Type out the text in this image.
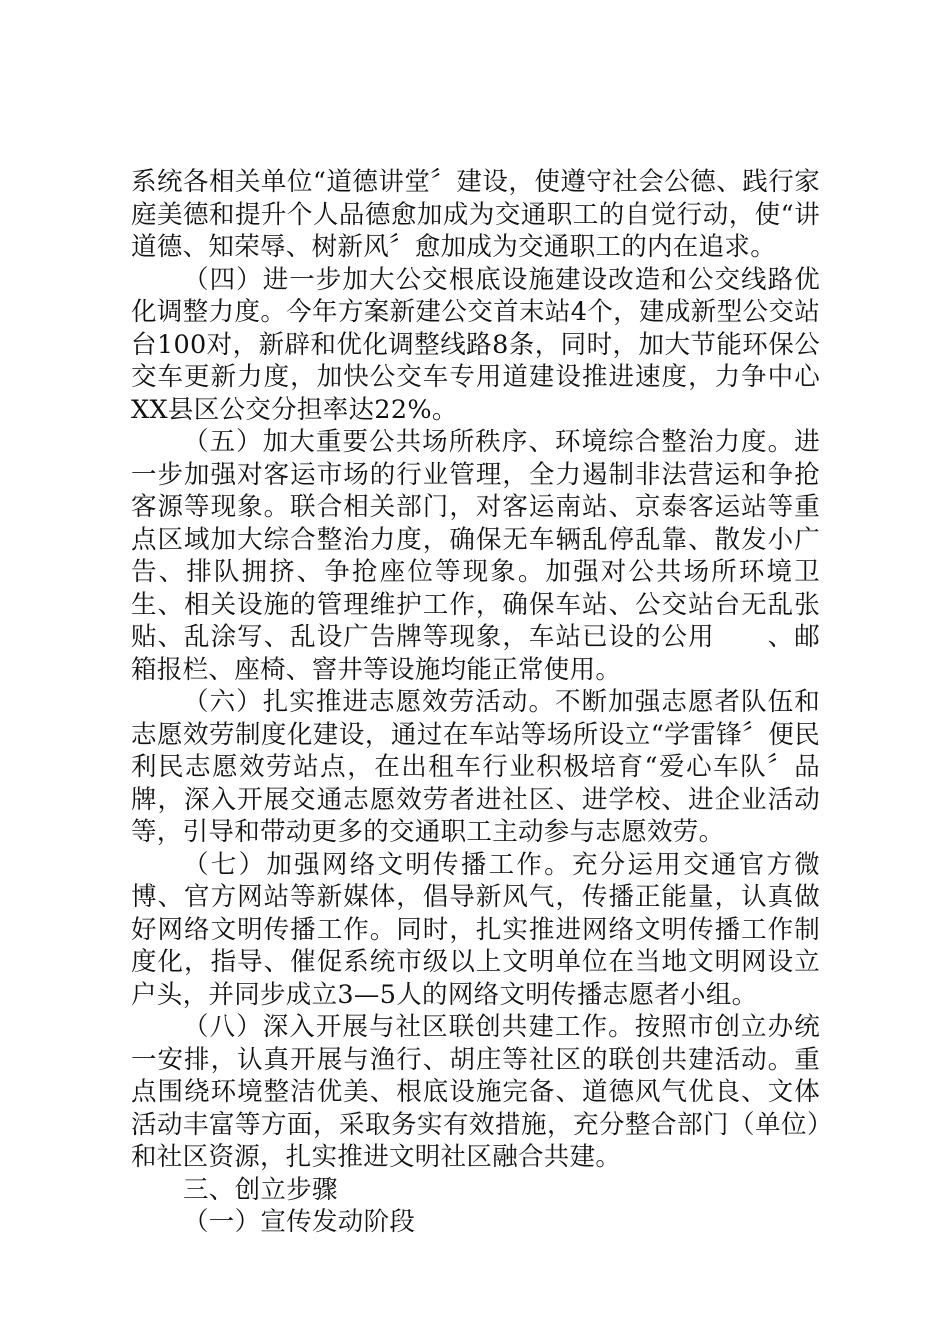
系统各相关单位“道德讲堂〞建设，使遵守社会公德、践行家庭美德和提升个人品德愈加成为交通职工的自觉行动，使“讲道德、知荣辱、树新风〞愈加成为交通职工的内在追求。

（四）进一步加大公交根底设施建设改造和公交线路优化调整力度。今年方案新建公交首末站4个，建成新型公交站台100对，新辟和优化调整线路8条，同时，加大节能环保公交车更新力度，加快公交车专用道建设推进速度，力争中心XX县区公交分担率达22%。

（五）加大重要公共场所秩序、环境综合整治力度。进一步加强对客运市场的行业管理，全力遏制非法营运和争抢客源等现象。联合相关部门，对客运南站、京泰客运站等重点区域加大综合整治力度，确保无车辆乱停乱靠、散发小广告、排队拥挤、争抢座位等现象。加强对公共场所环境卫生、相关设施的管理维护工作，确保车站、公交站台无乱张贴、乱涂写、乱设广告牌等现象，车站已设的公用　　、邮箱报栏、座椅、窨井等设施均能正常使用。

（六）扎实推进志愿效劳活动。不断加强志愿者队伍和志愿效劳制度化建设，通过在车站等场所设立“学雷锋〞便民利民志愿效劳站点，在出租车行业积极培育“爱心车队〞品牌，深入开展交通志愿效劳者进社区、进学校、进企业活动等，引导和带动更多的交通职工主动参与志愿效劳。

（七）加强网络文明传播工作。充分运用交通官方微博、官方网站等新媒体，倡导新风气，传播正能量，认真做好网络文明传播工作。同时，扎实推进网络文明传播工作制度化，指导、催促系统市级以上文明单位在当地文明网设立户头，并同步成立3—5人的网络文明传播志愿者小组。

（八）深入开展与社区联创共建工作。按照市创立办统一安排，认真开展与渔行、胡庄等社区的联创共建活动。重点围绕环境整洁优美、根底设施完备、道德风气优良、文体活动丰富等方面，采取务实有效措施，充分整合部门（单位）和社区资源，扎实推进文明社区融合共建。

三、创立步骤

（一）宣传发动阶段
